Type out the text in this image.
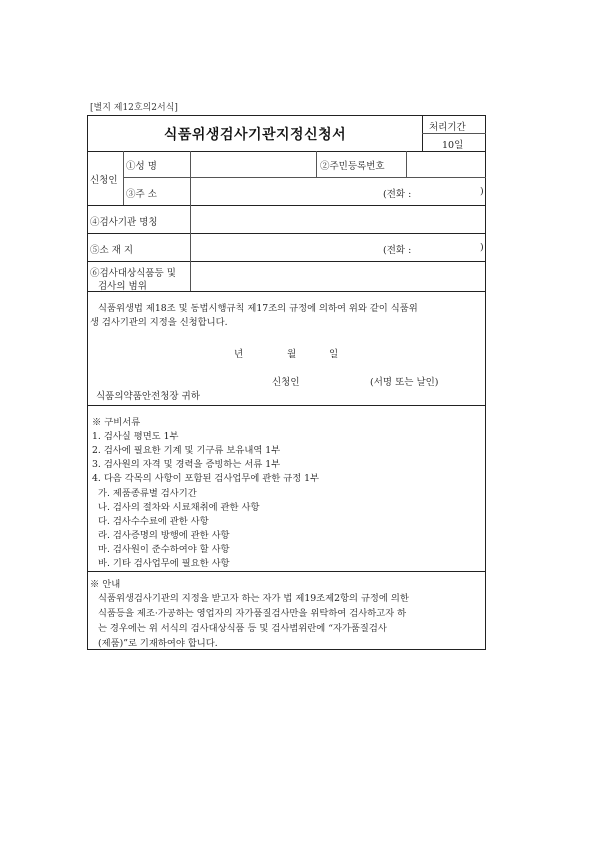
[별지 제12호의2서식]
식품위생검사기관지정신청서	처리기간
10일
신청인
①성 명	②주민등록번호
③주 소	(전화 :	)
④검사기관 명칭
⑤소 재 지	(전화 :	)
⑥검사대상식품등 및
검사의 범위
식품위생법 제18조 및 동법시행규칙 제17조의 규정에 의하여 위와 같이 식품위
생 검사기관의 지정을 신청합니다.
년	월	일
신청인	(서명 또는 날인)
식품의약품안전청장 귀하
※ 구비서류
1. 검사실 평면도 1부
2. 검사에 필요한 기계 및 기구류 보유내역 1부
3. 검사원의 자격 및 경력을 증빙하는 서류 1부
4. 다음 각목의 사항이 포함된 검사업무에 관한 규정 1부
가. 제품종류별 검사기간
나. 검사의 절차와 시료채취에 관한 사항
다. 검사수수료에 관한 사항
라. 검사증명의 방행에 관한 사항
마. 검사원이 준수하여야 할 사항
바. 기타 검사업무에 필요한 사항
※ 안내
식품위생검사기관의 지정을 받고자 하는 자가 법 제19조제2항의 규정에 의한
식품등을 제조·가공하는 영업자의 자가품질검사만을 위탁하여 검사하고자 하
는 경우에는 위 서식의 검사대상식품 등 및 검사범위란에 “자가품질검사
(제품)”로 기재하여야 합니다.
